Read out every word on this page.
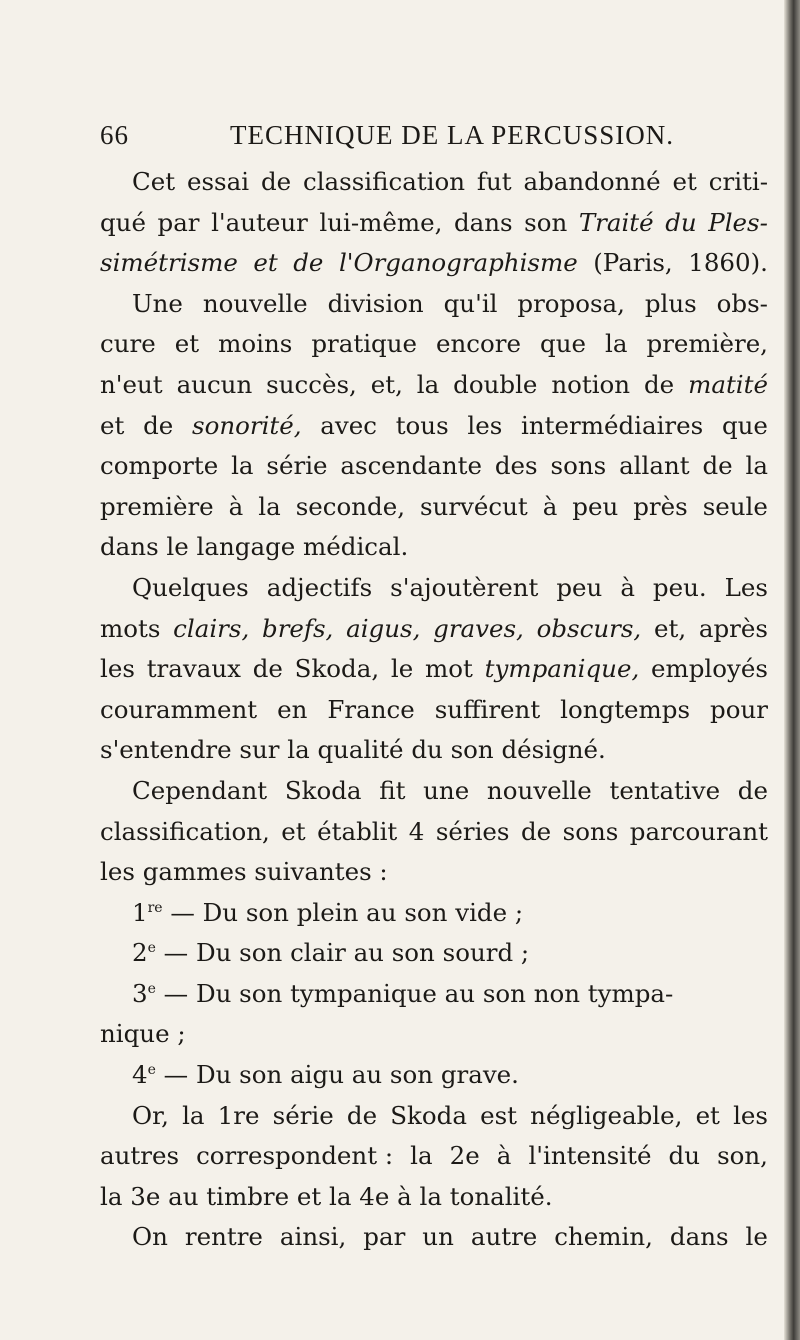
66	TECHNIQUE DE LA PERCUSSION.
Cet essai de classification fut abandonné et criti-
qué par l'auteur lui-même, dans son Traité du Ples-
simétrisme et de l'Organographisme (Paris, 1860).
Une nouvelle division qu'il proposa, plus obs-
cure et moins pratique encore que la première,
n'eut aucun succès, et, la double notion de matité
et de sonorité, avec tous les intermédiaires que
comporte la série ascendante des sons allant de la
première à la seconde, survécut à peu près seule
dans le langage médical.
Quelques adjectifs s'ajoutèrent peu à peu. Les
mots clairs, brefs, aigus, graves, obscurs, et, après
les travaux de Skoda, le mot tympanique, employés
couramment en France suffirent longtemps pour
s'entendre sur la qualité du son désigné.
Cependant Skoda fit une nouvelle tentative de
classification, et établit 4 séries de sons parcourant
les gammes suivantes :
1re — Du son plein au son vide ;
2e — Du son clair au son sourd ;
3e — Du son tympanique au son non tympa-
nique ;
4e — Du son aigu au son grave.
Or, la 1re série de Skoda est négligeable, et les
autres correspondent : la 2e à l'intensité du son,
la 3e au timbre et la 4e à la tonalité.
On rentre ainsi, par un autre chemin, dans le
